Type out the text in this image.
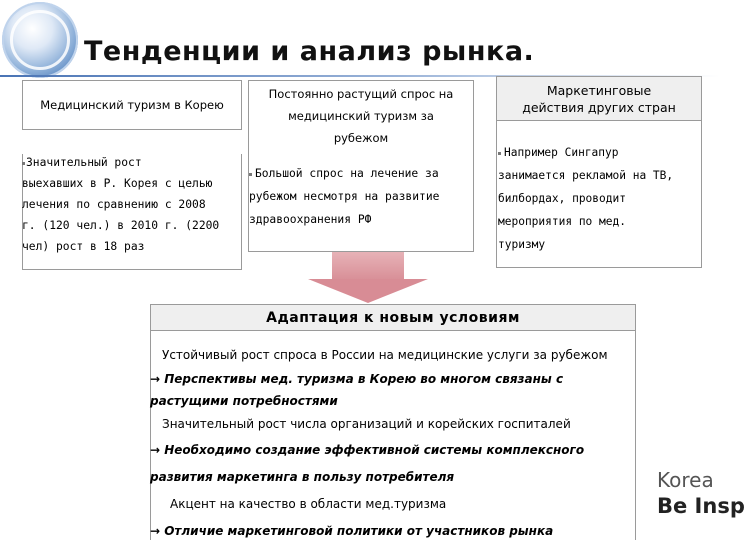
Тенденции и анализ рынка.
Медицинский туризм в Корею
Значительный рост
выехавших в Р. Корея с целью
лечения по сравнению с 2008
г. (120 чел.) в 2010 г. (2200
чел) рост в 18 раз
Постоянно растущий спрос на
медицинский туризм за
рубежом
Большой спрос на лечение за
рубежом несмотря на развитие
здравоохранения РФ
Маркетинговые
действия других стран
Например Сингапур
занимается рекламой на ТВ,
билбордах, проводит
мероприятия по мед.
туризму
Адаптация к новым условиям
Устойчивый рост спроса в России на медицинские услуги за рубежом
→ Перспективы мед. туризма в Корею во многом связаны с
растущими потребностями
Значительный рост числа организаций и корейских госпиталей
→ Необходимо создание эффективной системы комплексного
развития маркетинга в пользу потребителя
Акцент на качество в области мед.туризма
→ Отличие маркетинговой политики от участников рынка
Korea
Be Insp
